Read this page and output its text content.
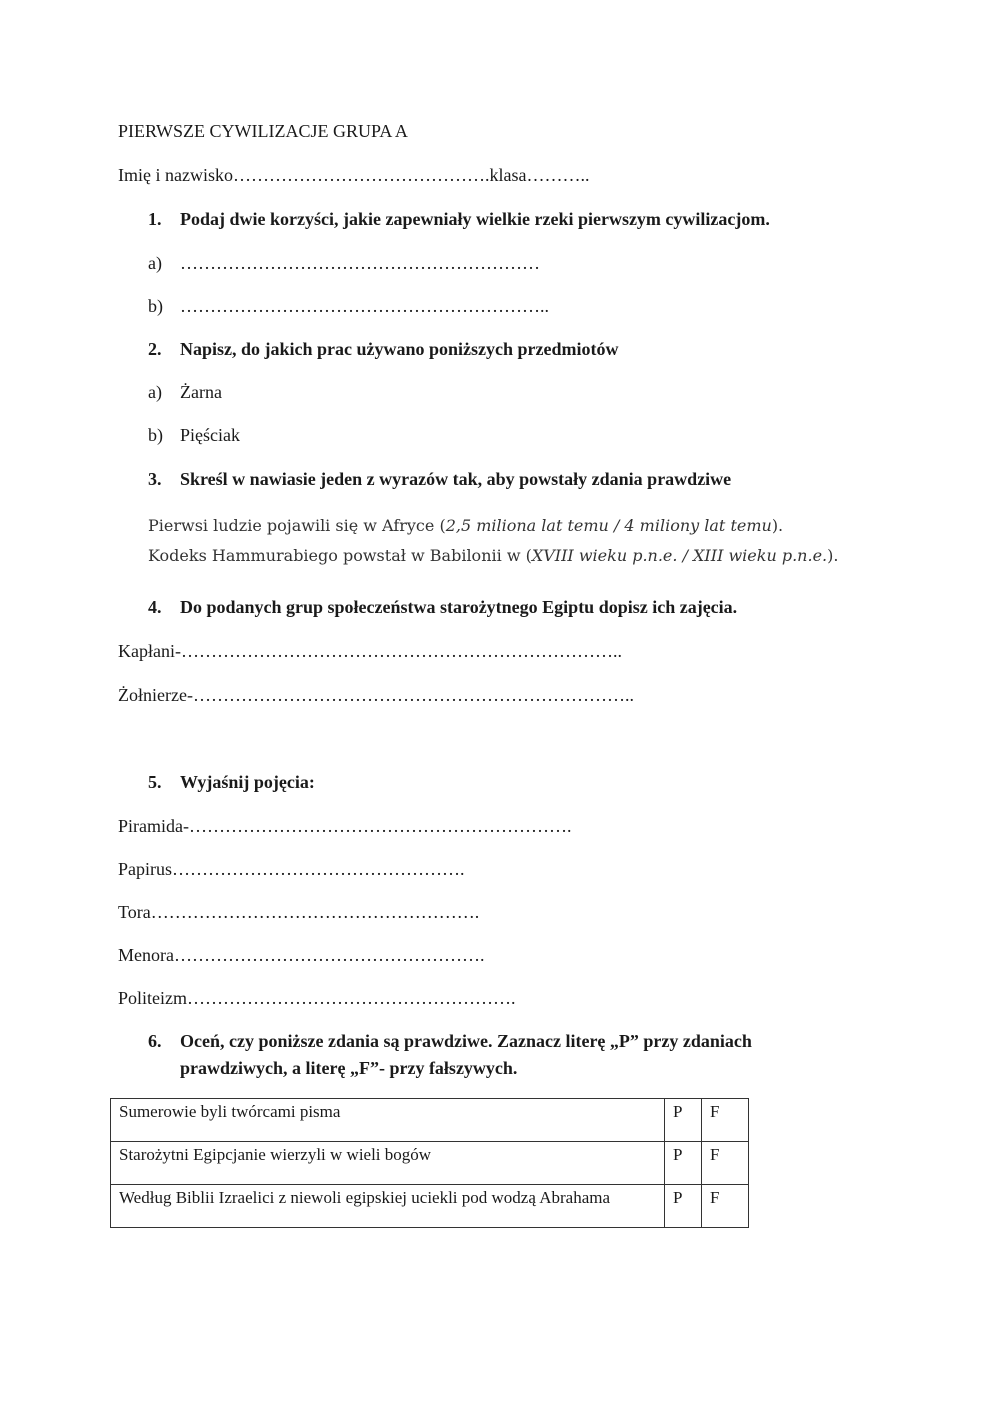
PIERWSZE CYWILIZACJE GRUPA A
Imię i nazwisko…………………………………….klasa………..
1. Podaj dwie korzyści, jakie zapewniały wielkie rzeki pierwszym cywilizacjom.
a) ……………………………………………………
b) ……………………………………………………..
2. Napisz, do jakich prac używano poniższych przedmiotów
a) Żarna
b) Pięściak
3. Skreśl w nawiasie jeden z wyrazów tak, aby powstały zdania prawdziwe
Pierwsi ludzie pojawili się w Afryce (2,5 miliona lat temu / 4 miliony lat temu).
Kodeks Hammurabiego powstał w Babilonii w (XVIII wieku p.n.e. / XIII wieku p.n.e.).
4. Do podanych grup społeczeństwa starożytnego Egiptu dopisz ich zajęcia.
Kapłani-………………………………………………………………..
Żołnierze-………………………………………………………………..
5. Wyjaśnij pojęcia:
Piramida-……………………………………………………….
Papirus………………………………………….
Tora……………………………………………….
Menora…………………………………………….
Politeizm……………………………………………….
6. Oceń, czy poniższe zdania są prawdziwe. Zaznacz literę „P” przy zdaniach
prawdziwych, a literę „F”- przy fałszywych.
Sumerowie byli twórcami pisma	P	F
Starożytni Egipcjanie wierzyli w wieli bogów	P	F
Według Biblii Izraelici z niewoli egipskiej uciekli pod wodzą Abrahama	P	F
